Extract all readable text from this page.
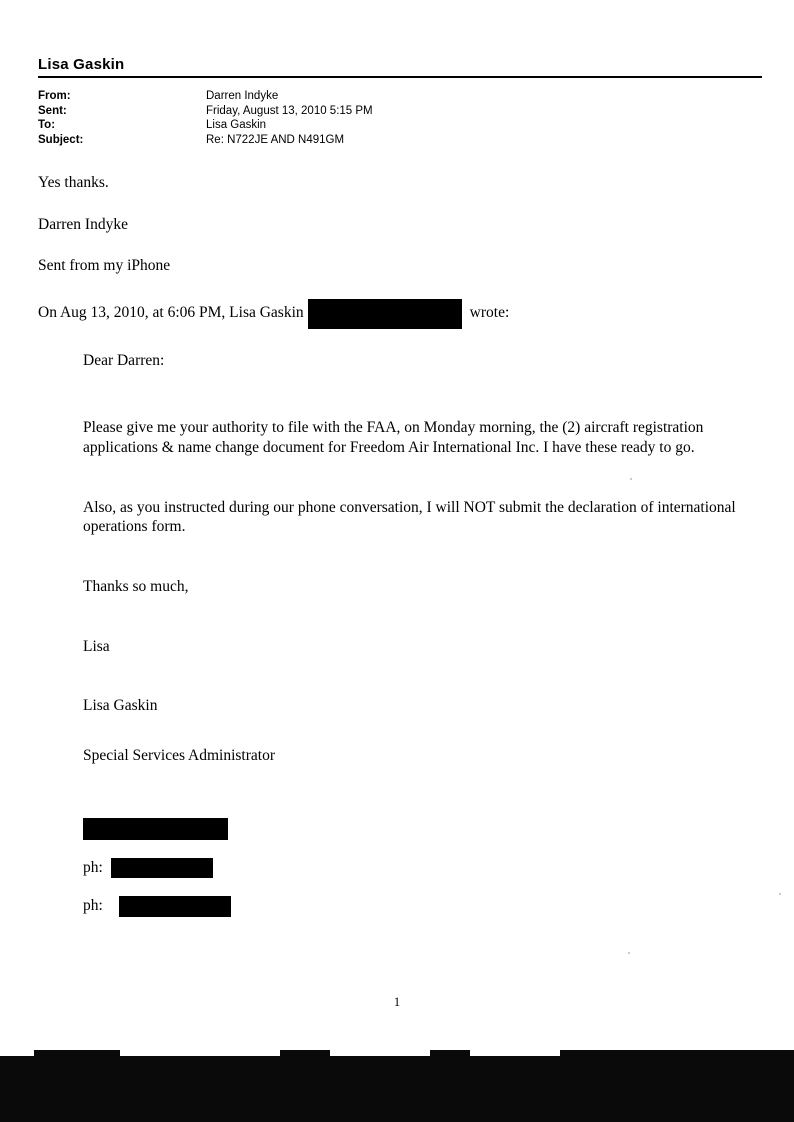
Lisa Gaskin
From:	Darren Indyke
Sent:	Friday, August 13, 2010 5:15 PM
To:	Lisa Gaskin
Subject:	Re: N722JE AND N491GM

Yes thanks.

Darren Indyke

Sent from my iPhone

On Aug 13, 2010, at 6:06 PM, Lisa Gaskin	wrote:

Dear Darren:

Please give me your authority to file with the FAA, on Monday morning, the (2) aircraft registration applications & name change document for Freedom Air International Inc. I have these ready to go.

Also, as you instructed during our phone conversation, I will NOT submit the declaration of international operations form.

Thanks so much,

Lisa

Lisa Gaskin

Special Services Administrator

ph:
ph:
1
